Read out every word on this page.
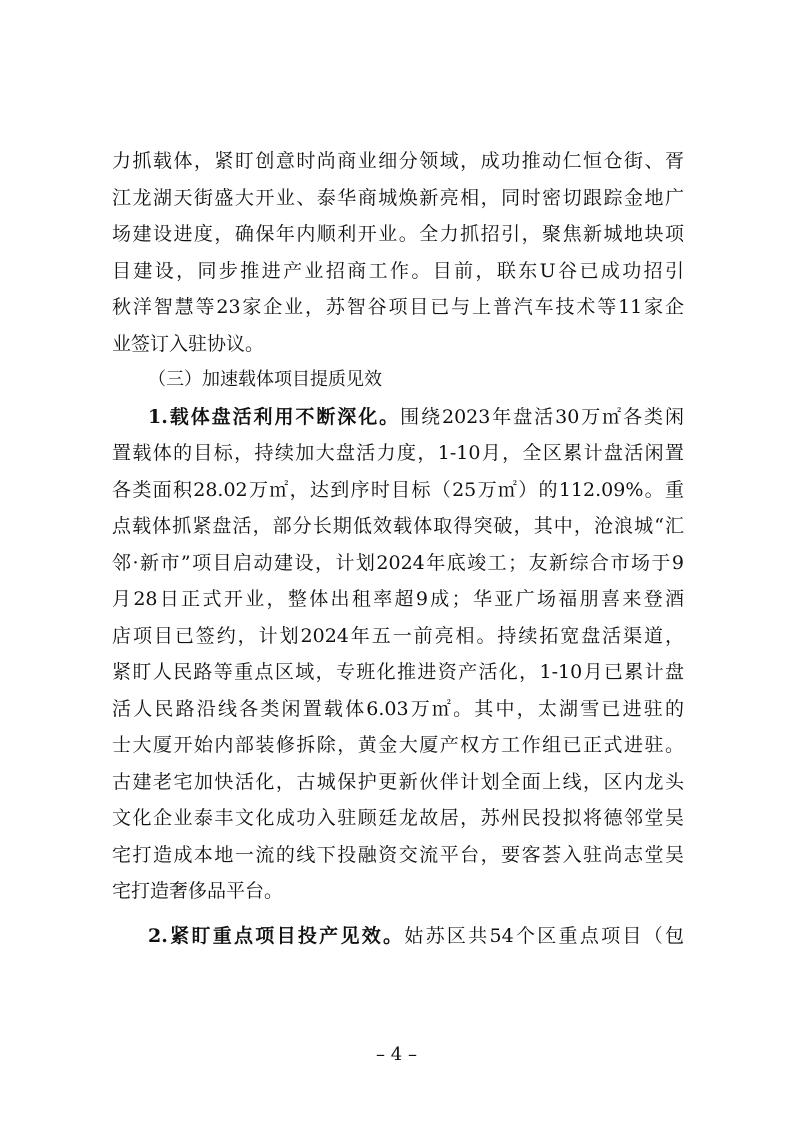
力抓载体，紧盯创意时尚商业细分领域，成功推动仁恒仓街、胥
江龙湖天街盛大开业、泰华商城焕新亮相，同时密切跟踪金地广
场建设进度，确保年内顺利开业。全力抓招引，聚焦新城地块项
目建设，同步推进产业招商工作。目前，联东U谷已成功招引
秋洋智慧等23家企业，苏智谷项目已与上普汽车技术等11家企
业签订入驻协议。
（三）加速载体项目提质见效
1.载体盘活利用不断深化。围绕2023年盘活30万㎡各类闲
置载体的目标，持续加大盘活力度，1-10月，全区累计盘活闲置
各类面积28.02万㎡，达到序时目标（25万㎡）的112.09%。重
点载体抓紧盘活，部分长期低效载体取得突破，其中，沧浪城“汇
邻·新市”项目启动建设，计划2024年底竣工；友新综合市场于9
月28日正式开业，整体出租率超9成；华亚广场福朋喜来登酒
店项目已签约，计划2024年五一前亮相。持续拓宽盘活渠道，
紧盯人民路等重点区域，专班化推进资产活化，1-10月已累计盘
活人民路沿线各类闲置载体6.03万㎡。其中，太湖雪已进驻的
士大厦开始内部装修拆除，黄金大厦产权方工作组已正式进驻。
古建老宅加快活化，古城保护更新伙伴计划全面上线，区内龙头
文化企业泰丰文化成功入驻顾廷龙故居，苏州民投拟将德邻堂吴
宅打造成本地一流的线下投融资交流平台，要客荟入驻尚志堂吴
宅打造奢侈品平台。
2.紧盯重点项目投产见效。姑苏区共54个区重点项目（包
– 4 –
